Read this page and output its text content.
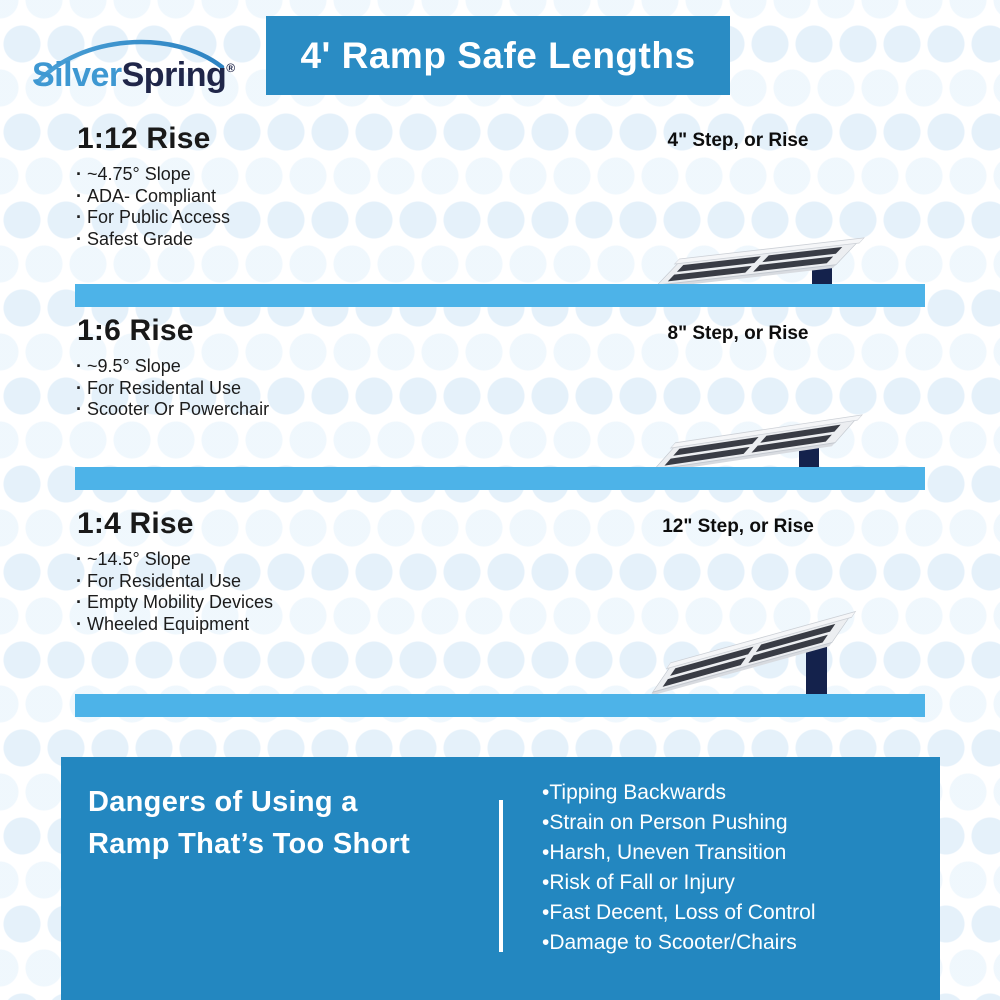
SilverSpring® 4' Ramp Safe Lengths
1:12 Rise
· ~4.75° Slope
· ADA- Compliant
· For Public Access
· Safest Grade
4" Step, or Rise
1:6 Rise
· ~9.5° Slope
· For Residental Use
· Scooter Or Powerchair
8" Step, or Rise
1:4 Rise
· ~14.5° Slope
· For Residental Use
· Empty Mobility Devices
· Wheeled Equipment
12" Step, or Rise
Dangers of Using a
Ramp That’s Too Short
• Tipping Backwards
• Strain on Person Pushing
• Harsh, Uneven Transition
• Risk of Fall or Injury
• Fast Decent, Loss of Control
• Damage to Scooter/Chairs
